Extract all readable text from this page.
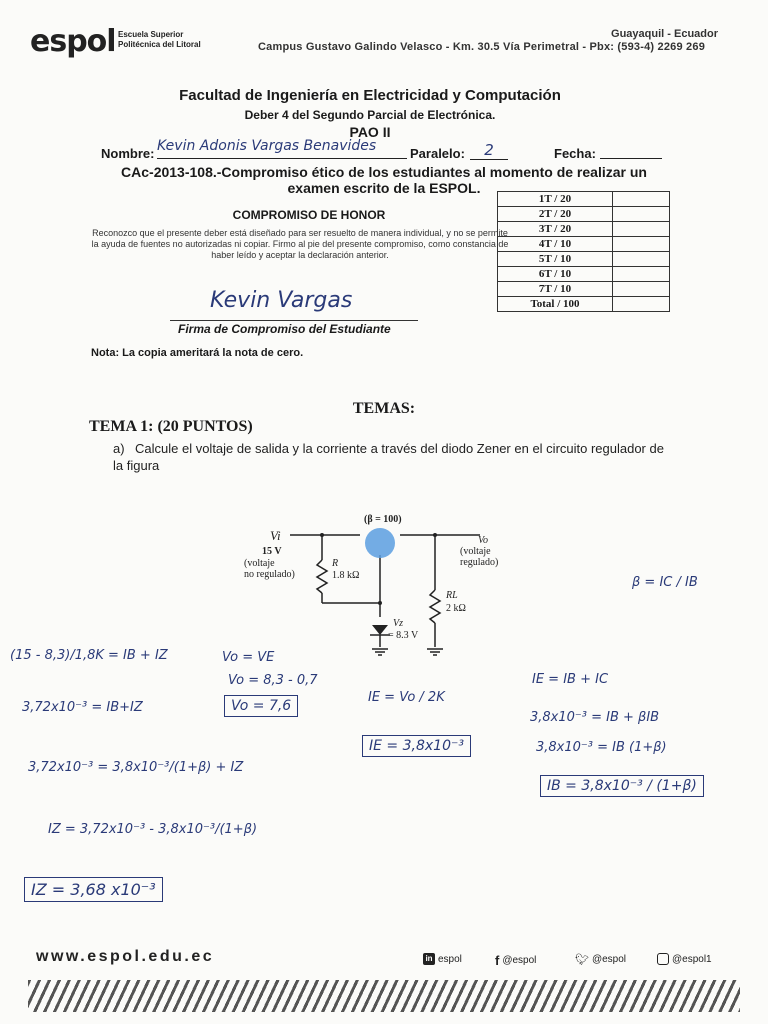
espol Escuela Superior
Politécnica del Litoral
Guayaquil - Ecuador
Campus Gustavo Galindo Velasco - Km. 30.5 Vía Perimetral - Pbx: (593-4) 2269 269
Facultad de Ingeniería en Electricidad y Computación
Deber 4 del Segundo Parcial de Electrónica.
PAO II
Nombre: Kevin Adonis Vargas Benavides	Paralelo:	2	Fecha:
CAc-2013-108.-Compromiso ético de los estudiantes al momento de realizar un examen escrito de la ESPOL.
COMPROMISO DE HONOR
Reconozco que el presente deber está diseñado para ser resuelto de manera individual, y no se permite la ayuda de fuentes no autorizadas ni copiar. Firmo al pie del presente compromiso, como constancia de haber leído y aceptar la declaración anterior.
Kevin Vargas
Firma de Compromiso del Estudiante
Nota: La copia ameritará la nota de cero.
1T / 20	
2T / 20	
3T / 20	
4T / 10	
5T / 10	
6T / 10	
7T / 10	
Total / 100	
TEMAS:
TEMA 1: (20 PUNTOS)
a) Calcule el voltaje de salida y la corriente a través del diodo Zener en el circuito regulador de la figura
Vi
15 V
(voltaje
no regulado)
(β = 100)
Vo
(voltaje
regulado)
R
1.8 kΩ
RL
2 kΩ
Vz
= 8.3 V
(15 - 8,3)/1,8K = IB + IZ
3,72x10⁻³ = IB+IZ
3,72x10⁻³ = 3,8x10⁻³/(1+β) + IZ
IZ = 3,72x10⁻³ - 3,8x10⁻³/(1+β)
IZ = 3,68 x10⁻³
Vo = VE
Vo = 8,3 - 0,7
Vo = 7,6
IE = Vo / 2K
IE = 3,8x10⁻³
β = IC / IB
IE = IB + IC
3,8x10⁻³ = IB + βIB
3,8x10⁻³ = IB (1+β)
IB = 3,8x10⁻³ / (1+β)
www.espol.edu.ec	in espol	f @espol	🐦︎ @espol	@espol1
